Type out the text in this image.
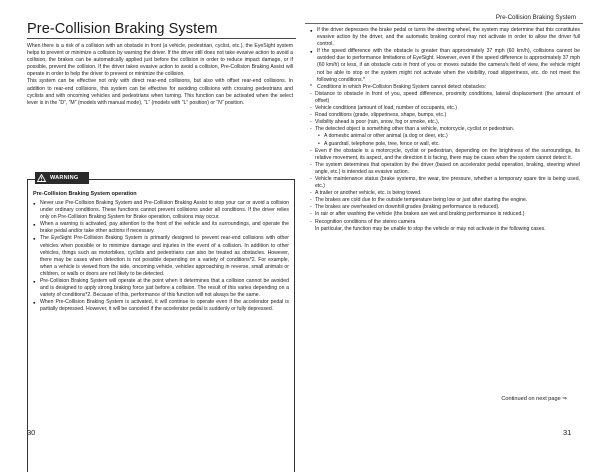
Pre-Collision Braking System
When there is a risk of a collision with an obstacle in front (a vehicle, pedestrian, cyclist, etc.), the EyeSight system helps to prevent or minimize a collision by warning the driver. If the driver still does not take evasive action to avoid a collision, the brakes can be automatically applied just before the collision in order to reduce impact damage, or if possible, prevent the collision. If the driver takes evasive action to avoid a collision, Pre-Collision Braking Assist will operate in order to help the driver to prevent or minimize the collision.
This system can be effective not only with direct rear-end collisions, but also with offset rear-end collisions. In addition to rear-end collisions, this system can be effective for avoiding collisions with crossing pedestrians and cyclists and with oncoming vehicles and pedestrians when turning. This function can be activated when the select lever is in the “D”, “M” (models with manual mode), “L” (models with “L” position) or “N” position.
WARNING
Pre-Collision Braking System operation
● Never use Pre-Collision Braking System and Pre-Collision Braking Assist to stop your car or avoid a collision under ordinary conditions. These functions cannot prevent collisions under all conditions. If the driver relies only on Pre-Collision Braking System for Brake operation, collisions may occur.
● When a warning is activated, pay attention to the front of the vehicle and its surroundings, and operate the brake pedal and/or take other actions if necessary.
● The EyeSight Pre-Collision Braking System is primarily designed to prevent rear-end collisions with other vehicles when possible or to minimize damage and injuries in the event of a collision. In addition to other vehicles, things such as motorbikes, cyclists and pedestrians can also be treated as obstacles. However, there may be cases when detection is not possible depending on a variety of conditions*2. For example, when a vehicle is viewed from the side, oncoming vehicle, vehicles approaching in reverse, small animals or children, or walls or doors are not likely to be detected.
● Pre-Collision Braking System will operate at the point when it determines that a collision cannot be avoided and is designed to apply strong braking force just before a collision. The result of this varies depending on a variety of conditions*2. Because of this, performance of this function will not always be the same.
● When Pre-Collision Braking System is activated, it will continue to operate even if the accelerator pedal is partially depressed. However, it will be canceled if the accelerator pedal is suddenly or fully depressed.
30
Pre-Collision Braking System
● If the driver depresses the brake pedal or turns the steering wheel, the system may determine that this constitutes evasive action by the driver, and the automatic braking control may not activate in order to allow the driver full control.
● If the speed difference with the obstacle is greater than approximately 37 mph (60 km/h), collisions cannot be avoided due to performance limitations of EyeSight. However, even if the speed difference is approximately 37 mph (60 km/h) or less, if an obstacle cuts in front of you or moves outside the camera's field of view, the vehicle might not be able to stop or the system might not activate when the visibility, road slipperiness, etc. do not meet the following conditions.*
* Conditions in which Pre-Collision Braking System cannot detect obstacles:
- Distance to obstacle in front of you, speed difference, proximity conditions, lateral displacement (the amount of offset)
- Vehicle conditions (amount of load, number of occupants, etc.)
- Road conditions (grade, slipperiness, shape, bumps, etc.)
- Visibility ahead is poor (rain, snow, fog or smoke, etc.),
- The detected object is something other than a vehicle, motorcycle, cyclist or pedestrian.
• A domestic animal or other animal (a dog or deer, etc.)
• A guardrail, telephone pole, tree, fence or wall, etc.
- Even if the obstacle is a motorcycle, cyclist or pedestrian, depending on the brightness of the surroundings, its relative movement, its aspect, and the direction it is facing, there may be cases when the system cannot detect it.
- The system determines that operation by the driver (based on accelerator pedal operation, braking, steering wheel angle, etc.) is intended as evasive action.
- Vehicle maintenance status (brake systems, tire wear, tire pressure, whether a temporary spare tire is being used, etc.)
- A trailer or another vehicle, etc. is being towed.
- The brakes are cold due to the outside temperature being low or just after starting the engine.
- The brakes are overheated on downhill grades (braking performance is reduced).
- In rair or after washing the vehicle (the brakes are wet and braking performance is reduced.)
- Recognition conditions of the stereo camera
In particular, the function may be unable to stop the vehicle or may not activate in the following cases.
Continued on next page ⇒
31
